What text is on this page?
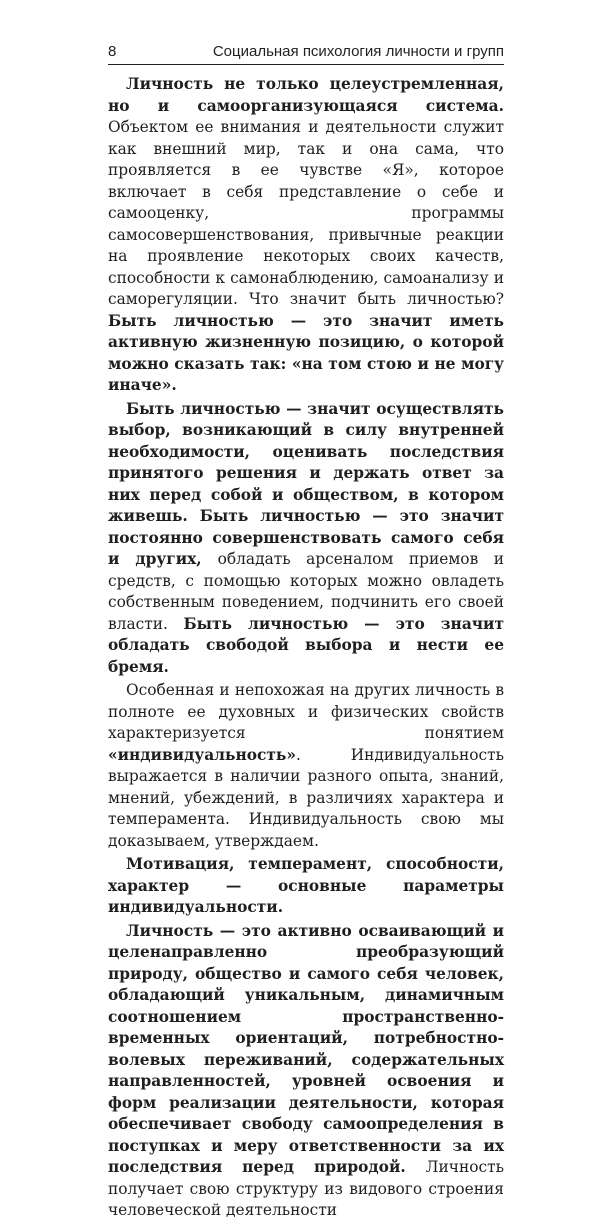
8	Социальная психология личности и групп

Личность не только целеустремленная, но и самоорганизующаяся система. Объектом ее внимания и деятельности служит как внешний мир, так и она сама, что проявляется в ее чувстве «Я», которое включает в себя представление о себе и самооценку, программы самосовершенствования, привычные реакции на проявление некоторых своих качеств, способности к самонаблюдению, самоанализу и саморегуляции. Что значит быть личностью? Быть личностью — это значит иметь активную жизненную позицию, о которой можно сказать так: «на том стою и не могу иначе».

Быть личностью — значит осуществлять выбор, возникающий в силу внутренней необходимости, оценивать последствия принятого решения и держать ответ за них перед собой и обществом, в котором живешь. Быть личностью — это значит постоянно совершенствовать самого себя и других, обладать арсеналом приемов и средств, с помощью которых можно овладеть собственным поведением, подчинить его своей власти. Быть личностью — это значит обладать свободой выбора и нести ее бремя.

Особенная и непохожая на других личность в полноте ее духовных и физических свойств характеризуется понятием «индивидуальность». Индивидуальность выражается в наличии разного опыта, знаний, мнений, убеждений, в различиях характера и темперамента. Индивидуальность свою мы доказываем, утверждаем.

Мотивация, темперамент, способности, характер — основные параметры индивидуальности.

Личность — это активно осваивающий и целенаправленно преобразующий природу, общество и самого себя человек, обладающий уникальным, динамичным соотношением пространственно-временных ориентаций, потребностно-волевых переживаний, содержательных направленностей, уровней освоения и форм реализации деятельности, которая обеспечивает свободу самоопределения в поступках и меру ответственности за их последствия перед природой. Личность получает свою структуру из видового строения человеческой деятельности
